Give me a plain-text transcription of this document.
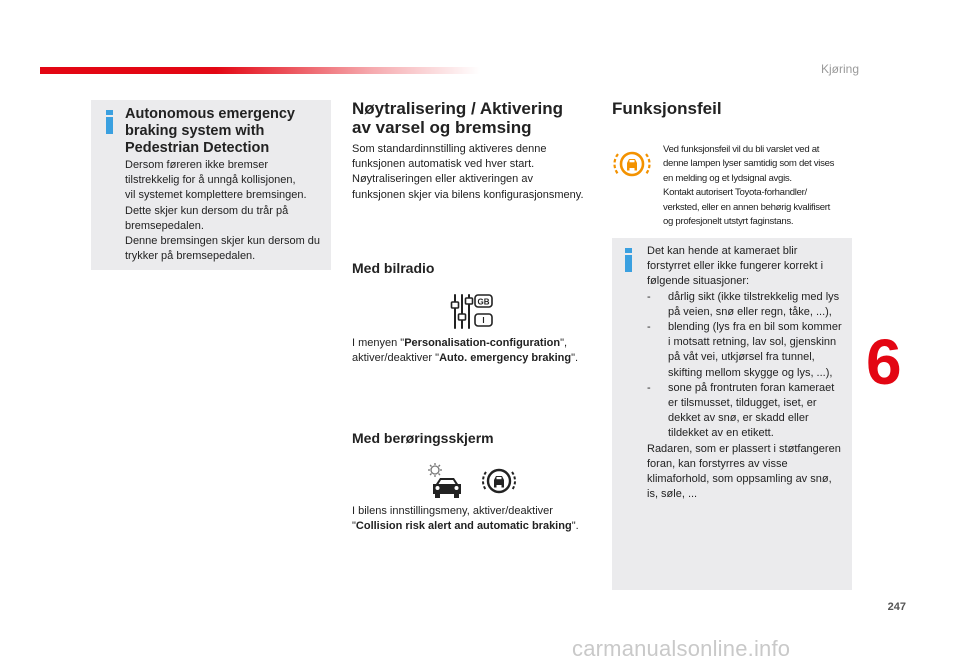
Kjøring
Autonomous emergency braking system with Pedestrian Detection
Dersom føreren ikke bremser
tilstrekkelig for å unngå kollisjonen,
vil systemet komplettere bremsingen.
Dette skjer kun dersom du trår på
bremsepedalen.
Denne bremsingen skjer kun dersom du
trykker på bremsepedalen.
Nøytralisering / Aktivering
av varsel og bremsing
Som standardinnstilling aktiveres denne
funksjonen automatisk ved hver start.
Nøytraliseringen eller aktiveringen av
funksjonen skjer via bilens konfigurasjonsmeny.
Med bilradio
GB
I
I menyen "Personalisation-configuration",
aktiver/deaktiver "Auto. emergency braking".
Med berøringsskjerm
I bilens innstillingsmeny, aktiver/deaktiver
"Collision risk alert and automatic braking".
Funksjonsfeil
Ved funksjonsfeil vil du bli varslet ved at
denne lampen lyser samtidig som det vises
en melding og et lydsignal avgis.
Kontakt autorisert Toyota-forhandler/
verksted, eller en annen behørig kvalifisert
og profesjonelt utstyrt faginstans.
Det kan hende at kameraet blir
forstyrret eller ikke fungerer korrekt i
følgende situasjoner:
- dårlig sikt (ikke tilstrekkelig med lys
på veien, snø eller regn, tåke, ...),
- blending (lys fra en bil som kommer
i motsatt retning, lav sol, gjenskinn
på våt vei, utkjørsel fra tunnel,
skifting mellom skygge og lys, ...),
- sone på frontruten foran kameraet
er tilsmusset, tildugget, iset, er
dekket av snø, er skadd eller
tildekket av en etikett.
Radaren, som er plassert i støtfangeren
foran, kan forstyrres av visse
klimaforhold, som oppsamling av snø,
is, søle, ...
6
247
carmanualsonline.info
